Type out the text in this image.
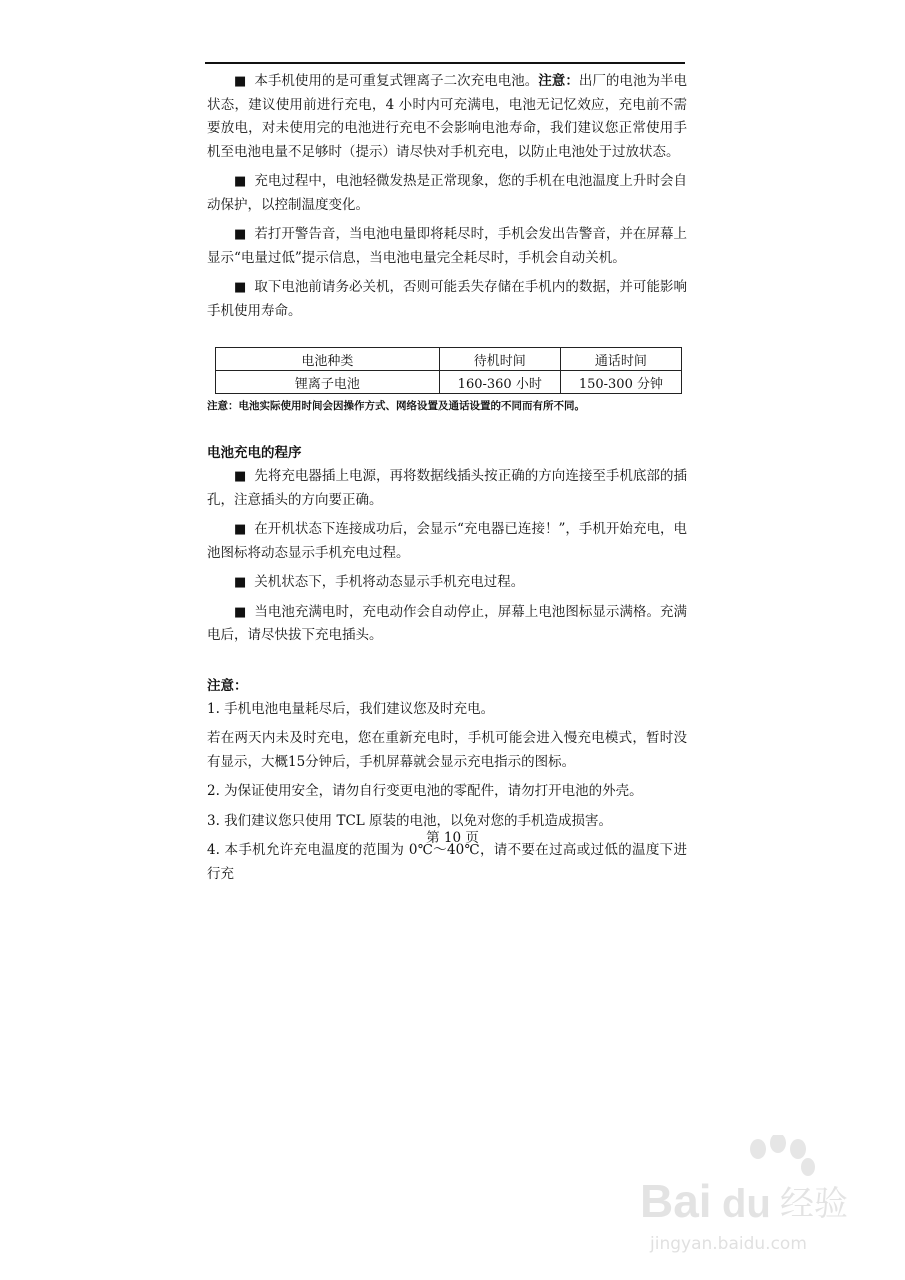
■ 本手机使用的是可重复式锂离子二次充电电池。注意：出厂的电池为半电状态，建议使用前进行充电，4 小时内可充满电，电池无记忆效应，充电前不需要放电，对未使用完的电池进行充电不会影响电池寿命，我们建议您正常使用手机至电池电量不足够时（提示）请尽快对手机充电，以防止电池处于过放状态。

■ 充电过程中，电池轻微发热是正常现象，您的手机在电池温度上升时会自动保护，以控制温度变化。

■ 若打开警告音，当电池电量即将耗尽时，手机会发出告警音，并在屏幕上显示“电量过低”提示信息，当电池电量完全耗尽时，手机会自动关机。

■ 取下电池前请务必关机，否则可能丢失存储在手机内的数据，并可能影响手机使用寿命。

电池种类	待机时间	通话时间
锂离子电池	160-360 小时	150-300 分钟
注意：电池实际使用时间会因操作方式、网络设置及通话设置的不同而有所不同。
电池充电的程序

■ 先将充电器插上电源，再将数据线插头按正确的方向连接至手机底部的插孔，注意插头的方向要正确。

■ 在开机状态下连接成功后，会显示“充电器已连接！”，手机开始充电，电池图标将动态显示手机充电过程。

■ 关机状态下，手机将动态显示手机充电过程。

■ 当电池充满电时，充电动作会自动停止，屏幕上电池图标显示满格。充满电后，请尽快拔下充电插头。

注意：

1. 手机电池电量耗尽后，我们建议您及时充电。

若在两天内未及时充电，您在重新充电时，手机可能会进入慢充电模式，暂时没有显示，大概15分钟后，手机屏幕就会显示充电指示的图标。

2. 为保证使用安全，请勿自行变更电池的零配件，请勿打开电池的外壳。

3. 我们建议您只使用 TCL 原装的电池，以免对您的手机造成损害。

4. 本手机允许充电温度的范围为 0℃～40℃，请不要在过高或过低的温度下进行充

第 10 页
Bai du 经验
jingyan.baidu.com
